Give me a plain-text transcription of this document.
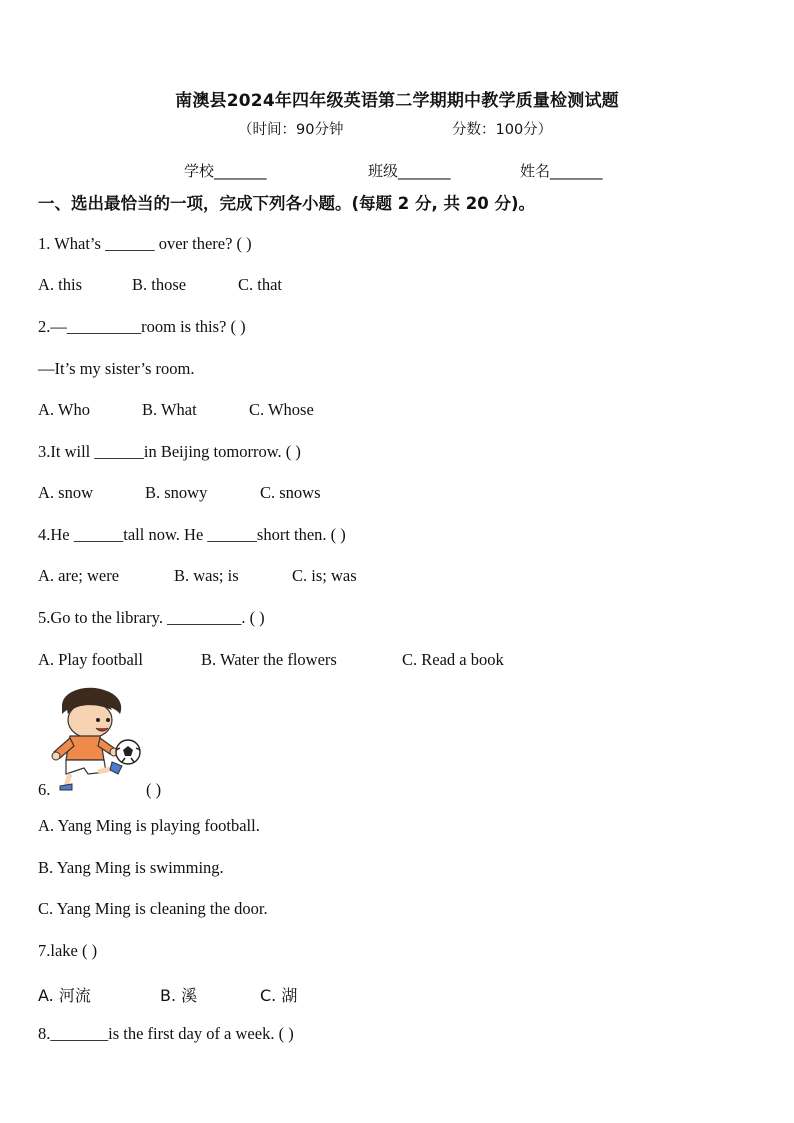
南澳县2024年四年级英语第二学期期中教学质量检测试题
（时间：90分钟	分数：100分）
学校_______	班级_______	姓名_______
一、选出最恰当的一项，完成下列各小题。(每题 2 分, 共 20 分)。
1. What’s ______ over there? ( )
A. this	B. those	C. that
2.—_________room is this? ( )
—It’s my sister’s room.
A. Who	B. What	C. Whose
3.It will ______in Beijing tomorrow. ( )
A. snow	B. snowy	C. snows
4.He ______tall now. He ______short then. ( )
A. are; were	B. was; is	C. is; was
5.Go to the library. _________. ( )
A. Play football	B. Water the flowers	C. Read a book
6.	( )
A. Yang Ming is playing football.
B. Yang Ming is swimming.
C. Yang Ming is cleaning the door.
7.lake ( )
A. 河流	B. 溪	C. 湖
8._______is the first day of a week. ( )
